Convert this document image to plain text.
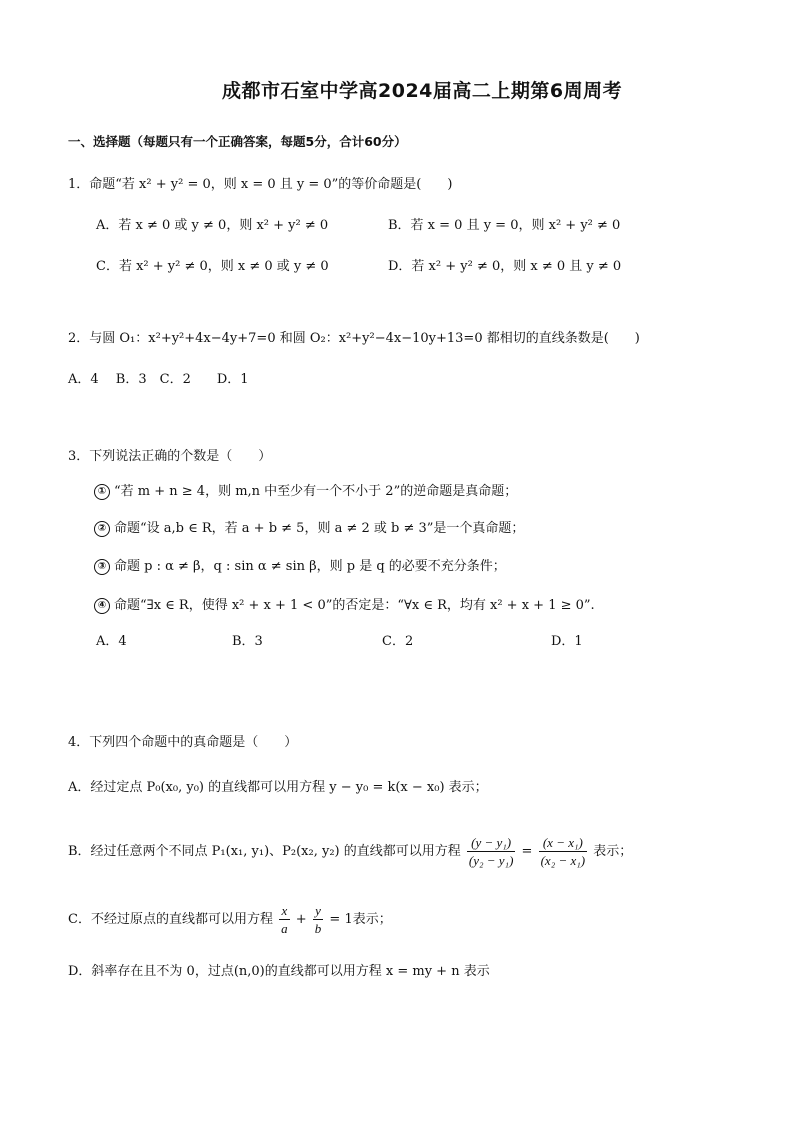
成都市石室中学高2024届高二上期第6周周考
一、选择题（每题只有一个正确答案，每题5分，合计60分）
1．命题“若 x² + y² = 0，则 x = 0 且 y = 0”的等价命题是(　　)
A．若 x ≠ 0 或 y ≠ 0，则 x² + y² ≠ 0	B．若 x = 0 且 y = 0，则 x² + y² ≠ 0
C．若 x² + y² ≠ 0，则 x ≠ 0 或 y ≠ 0	D．若 x² + y² ≠ 0，则 x ≠ 0 且 y ≠ 0
2．与圆 O₁：x²+y²+4x−4y+7=0 和圆 O₂：x²+y²−4x−10y+13=0 都相切的直线条数是(　　)
A．4　 B．3　C．2　　D．1
3．下列说法正确的个数是（　　）
① “若 m + n ≥ 4，则 m,n 中至少有一个不小于 2”的逆命题是真命题；
② 命题“设 a,b ∈ R，若 a + b ≠ 5，则 a ≠ 2 或 b ≠ 3”是一个真命题；
③ 命题 p : α ≠ β，q : sin α ≠ sin β，则 p 是 q 的必要不充分条件；
④ 命题“∃x ∈ R，使得 x² + x + 1 < 0”的否定是：“∀x ∈ R，均有 x² + x + 1 ≥ 0”.
A．4	B．3	C．2	D．1
4．下列四个命题中的真命题是（　　）
A．经过定点 P₀(x₀, y₀) 的直线都可以用方程 y − y₀ = k(x − x₀) 表示；
B．经过任意两个不同点 P₁(x₁, y₁)、P₂(x₂, y₂) 的直线都可以用方程 $\frac{\text{(y − y₁)}}{\text{(y₂ − y₁)}} = \frac{\text{(x − x₁)}}{\text{(x₂ − x₁)}}$ 表示；
C．不经过原点的直线都可以用方程 $\frac{x}{a} + \frac{y}{b} = 1$表示；
D．斜率存在且不为 0，过点(n,0)的直线都可以用方程 x = my + n 表示
